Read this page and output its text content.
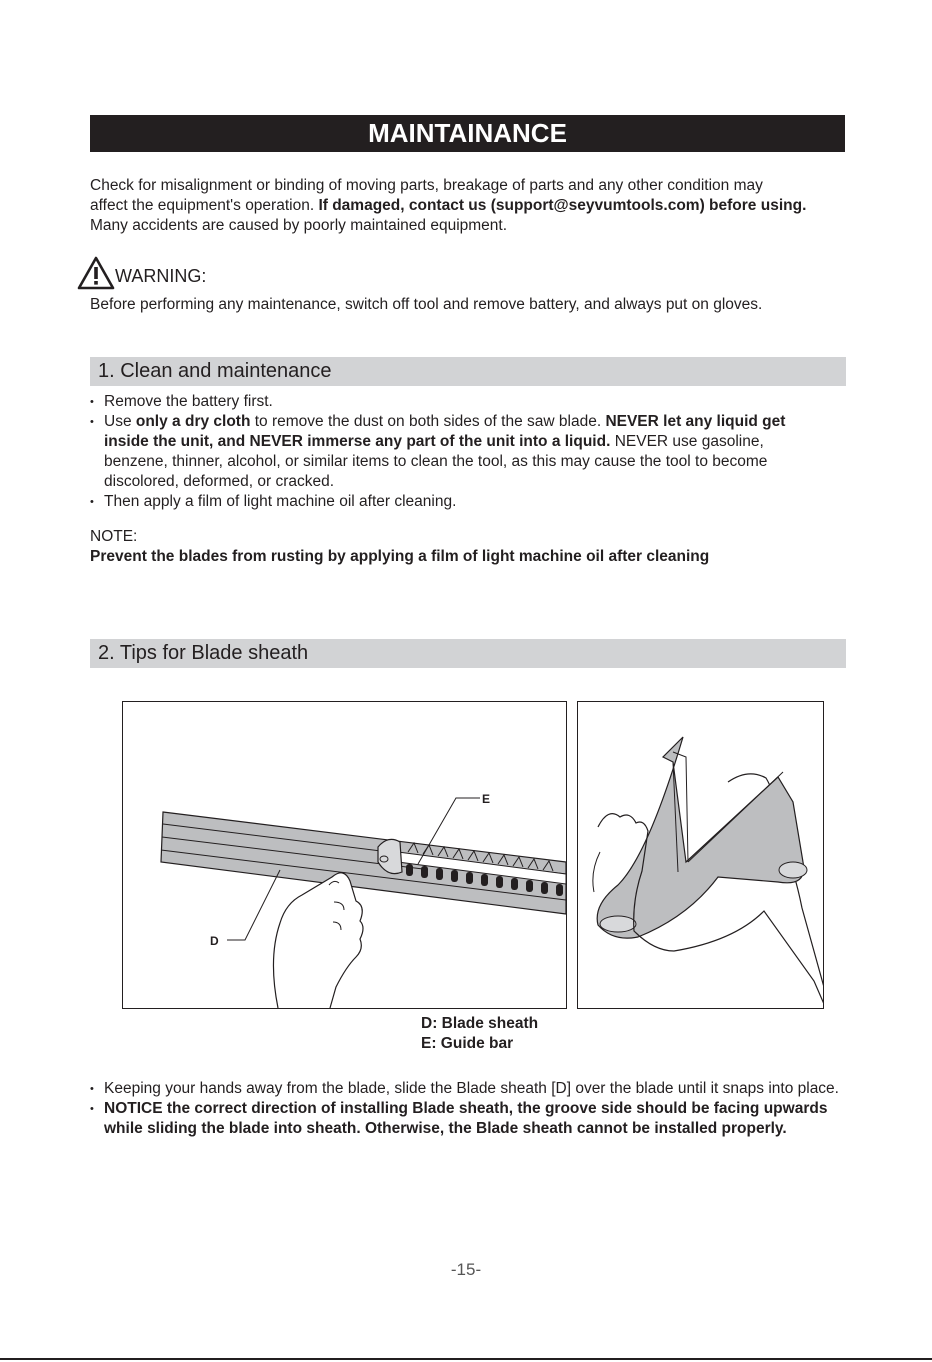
MAINTAINANCE
Check for misalignment or binding of moving parts, breakage of parts and any other condition may
affect the equipment's operation. If damaged, contact us (support@seyvumtools.com) before using.
Many accidents are caused by poorly maintained equipment.
WARNING:
Before performing any maintenance, switch off tool and remove battery, and always put on gloves.
1. Clean and maintenance
• Remove the battery first.
• Use only a dry cloth to remove the dust on both sides of the saw blade. NEVER let any liquid get inside the unit, and NEVER immerse any part of the unit into a liquid. NEVER use gasoline, benzene, thinner, alcohol, or similar items to clean the tool, as this may cause the tool to become discolored, deformed, or cracked.
• Then apply a film of light machine oil after cleaning.
NOTE:
Prevent the blades from rusting by applying a film of light machine oil after cleaning
2. Tips for Blade sheath
E
D
D: Blade sheath
E: Guide bar
• Keeping your hands away from the blade, slide the Blade sheath [D] over the blade until it snaps into place.
• NOTICE the correct direction of installing Blade sheath, the groove side should be facing upwards while sliding the blade into sheath. Otherwise, the Blade sheath cannot be installed properly.
-15-
